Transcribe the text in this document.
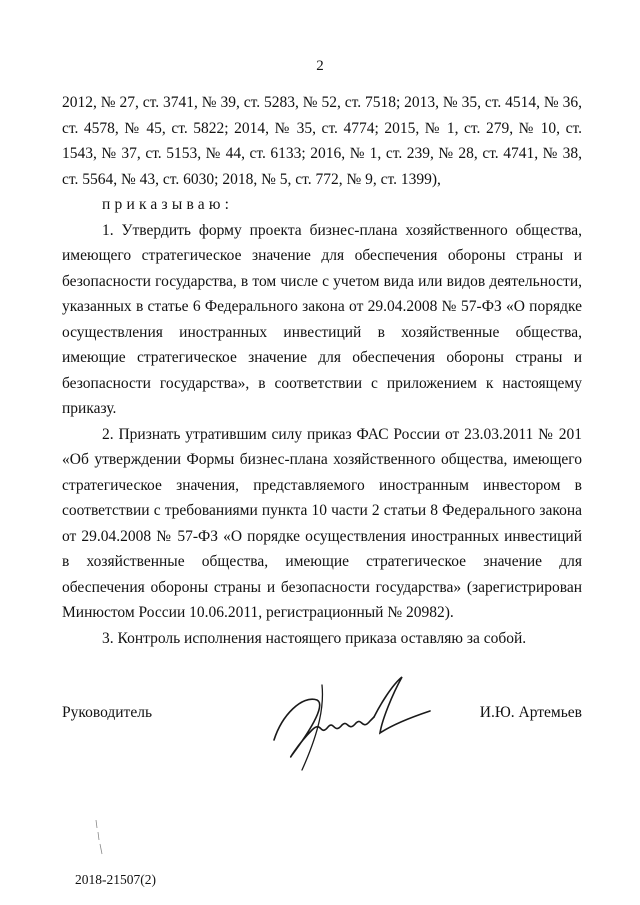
2

2012, № 27, ст. 3741, № 39, ст. 5283, № 52, ст. 7518; 2013, № 35, ст. 4514, № 36, ст. 4578, № 45, ст. 5822; 2014, № 35, ст. 4774; 2015, № 1, ст. 279, № 10, ст. 1543, № 37, ст. 5153, № 44, ст. 6133; 2016, № 1, ст. 239, № 28, ст. 4741, № 38, ст. 5564, № 43, ст. 6030; 2018, № 5, ст. 772, № 9, ст. 1399),

приказываю:

1. Утвердить форму проекта бизнес-плана хозяйственного общества, имеющего стратегическое значение для обеспечения обороны страны и безопасности государства, в том числе с учетом вида или видов деятельности, указанных в статье 6 Федерального закона от 29.04.2008 № 57-ФЗ «О порядке осуществления иностранных инвестиций в хозяйственные общества, имеющие стратегическое значение для обеспечения обороны страны и безопасности государства», в соответствии с приложением к настоящему приказу.

2. Признать утратившим силу приказ ФАС России от 23.03.2011 № 201 «Об утверждении Формы бизнес-плана хозяйственного общества, имеющего стратегическое значения, представляемого иностранным инвестором в соответствии с требованиями пункта 10 части 2 статьи 8 Федерального закона от 29.04.2008 № 57-ФЗ «О порядке осуществления иностранных инвестиций в хозяйственные общества, имеющие стратегическое значение для обеспечения обороны страны и безопасности государства» (зарегистрирован Минюстом России 10.06.2011, регистрационный № 20982).

3. Контроль исполнения настоящего приказа оставляю за собой.

Руководитель	И.Ю. Артемьев
2018-21507(2)
